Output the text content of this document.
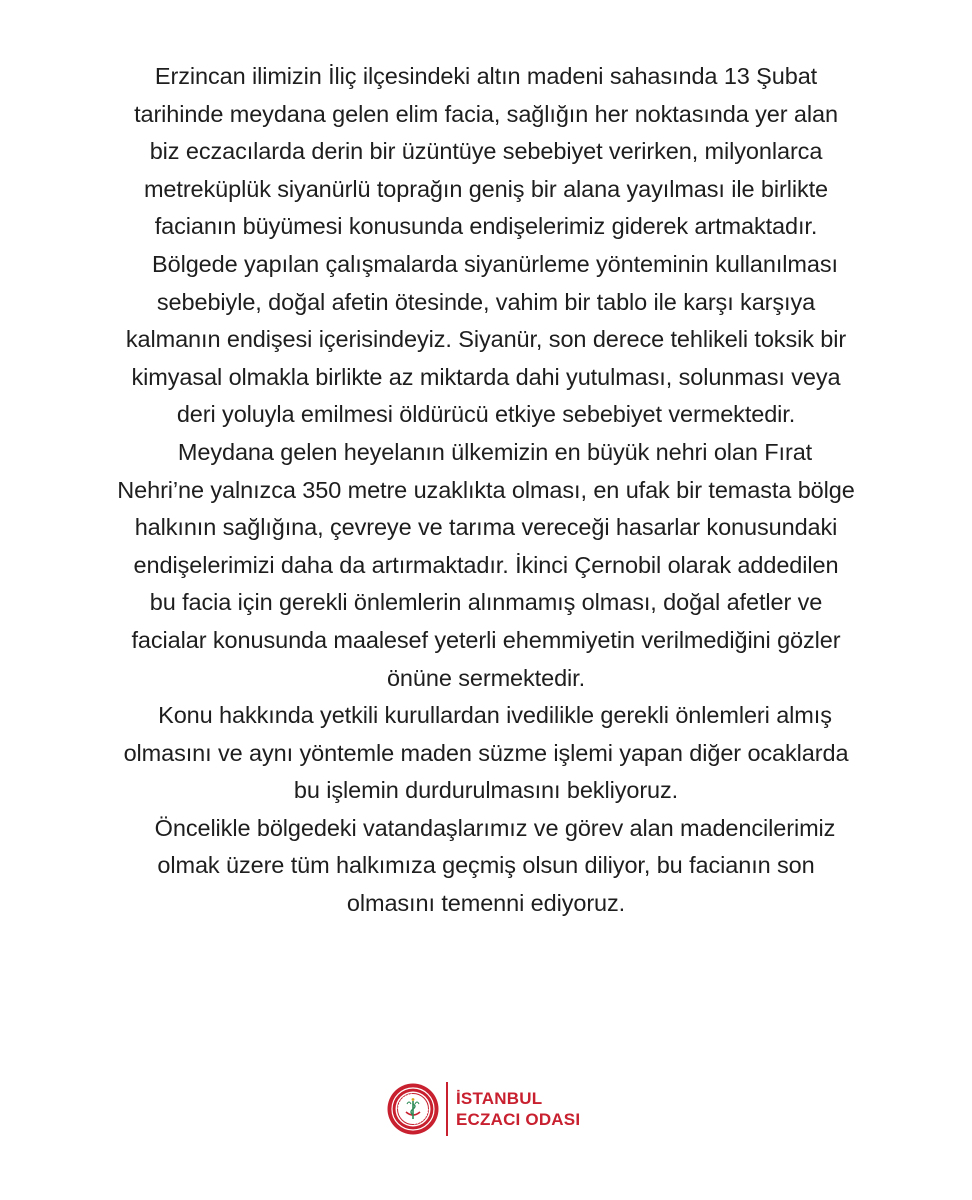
Erzincan ilimizin İliç ilçesindeki altın madeni sahasında 13 Şubat
tarihinde meydana gelen elim facia, sağlığın her noktasında yer alan
biz eczacılarda derin bir üzüntüye sebebiyet verirken, milyonlarca
metreküplük siyanürlü toprağın geniş bir alana yayılması ile birlikte
facianın büyümesi konusunda endişelerimiz giderek artmaktadır.
Bölgede yapılan çalışmalarda siyanürleme yönteminin kullanılması
sebebiyle, doğal afetin ötesinde, vahim bir tablo ile karşı karşıya
kalmanın endişesi içerisindeyiz. Siyanür, son derece tehlikeli toksik bir
kimyasal olmakla birlikte az miktarda dahi yutulması, solunması veya
deri yoluyla emilmesi öldürücü etkiye sebebiyet vermektedir.
Meydana gelen heyelanın ülkemizin en büyük nehri olan Fırat
Nehri’ne yalnızca 350 metre uzaklıkta olması, en ufak bir temasta bölge
halkının sağlığına, çevreye ve tarıma vereceği hasarlar konusundaki
endişelerimizi daha da artırmaktadır. İkinci Çernobil olarak addedilen
bu facia için gerekli önlemlerin alınmamış olması, doğal afetler ve
facialar konusunda maalesef yeterli ehemmiyetin verilmediğini gözler
önüne sermektedir.
Konu hakkında yetkili kurullardan ivedilikle gerekli önlemleri almış
olmasını ve aynı yöntemle maden süzme işlemi yapan diğer ocaklarda
bu işlemin durdurulmasını bekliyoruz.
Öncelikle bölgedeki vatandaşlarımız ve görev alan madencilerimiz
olmak üzere tüm halkımıza geçmiş olsun diliyor, bu facianın son
olmasını temenni ediyoruz.
İSTANBUL
ECZACI ODASI
